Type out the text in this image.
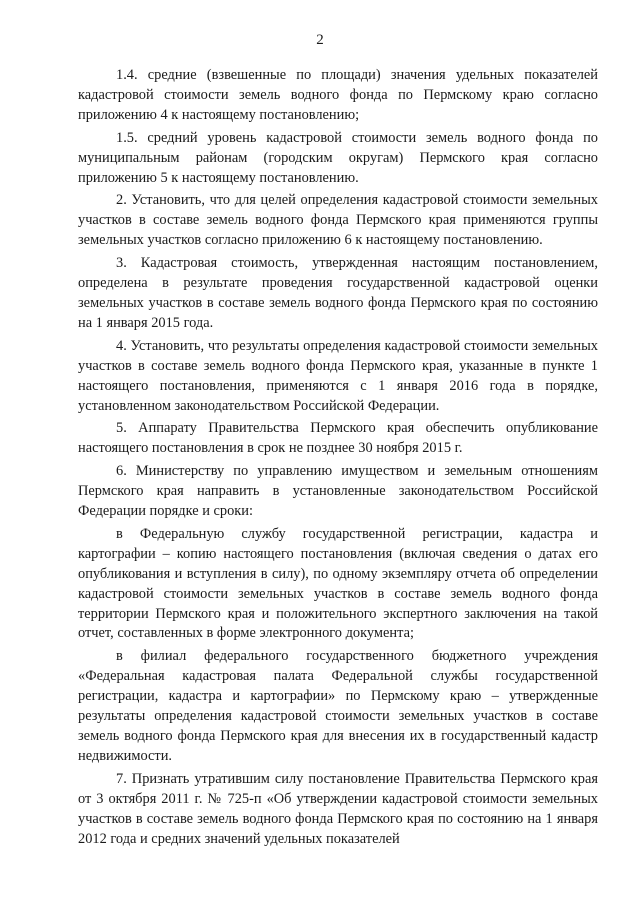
2

1.4. средние (взвешенные по площади) значения удельных показателей кадастровой стоимости земель водного фонда по Пермскому краю согласно приложению 4 к настоящему постановлению;

1.5. средний уровень кадастровой стоимости земель водного фонда по муниципальным районам (городским округам) Пермского края согласно приложению 5 к настоящему постановлению.

2. Установить, что для целей определения кадастровой стоимости земельных участков в составе земель водного фонда Пермского края применяются группы земельных участков согласно приложению 6 к настоящему постановлению.

3. Кадастровая стоимость, утвержденная настоящим постановлением, определена в результате проведения государственной кадастровой оценки земельных участков в составе земель водного фонда Пермского края по состоянию на 1 января 2015 года.

4. Установить, что результаты определения кадастровой стоимости земельных участков в составе земель водного фонда Пермского края, указанные в пункте 1 настоящего постановления, применяются с 1 января 2016 года в порядке, установленном законодательством Российской Федерации.

5. Аппарату Правительства Пермского края обеспечить опубликование настоящего постановления в срок не позднее 30 ноября 2015 г.

6. Министерству по управлению имуществом и земельным отношениям Пермского края направить в установленные законодательством Российской Федерации порядке и сроки:

в Федеральную службу государственной регистрации, кадастра и картографии – копию настоящего постановления (включая сведения о датах его опубликования и вступления в силу), по одному экземпляру отчета об определении кадастровой стоимости земельных участков в составе земель водного фонда территории Пермского края и положительного экспертного заключения на такой отчет, составленных в форме электронного документа;

в филиал федерального государственного бюджетного учреждения «Федеральная кадастровая палата Федеральной службы государственной регистрации, кадастра и картографии» по Пермскому краю – утвержденные результаты определения кадастровой стоимости земельных участков в составе земель водного фонда Пермского края для внесения их в государственный кадастр недвижимости.

7. Признать утратившим силу постановление Правительства Пермского края от 3 октября 2011 г. № 725-п «Об утверждении кадастровой стоимости земельных участков в составе земель водного фонда Пермского края по состоянию на 1 января 2012 года и средних значений удельных показателей
